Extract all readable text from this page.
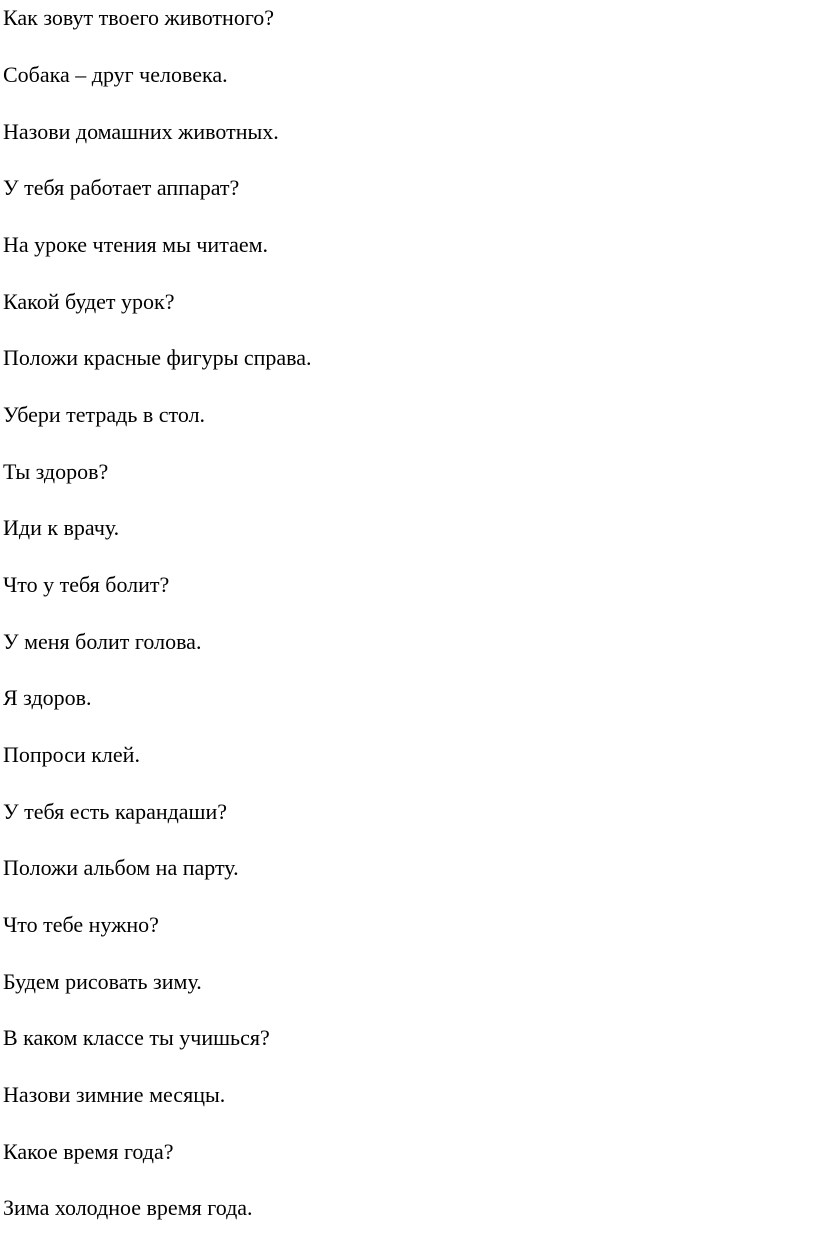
Как зовут твоего животного?

Собака – друг человека.

Назови домашних животных.

У тебя работает аппарат?

На уроке чтения мы читаем.

Какой будет урок?

Положи красные фигуры справа.

Убери тетрадь в стол.

Ты здоров?

Иди к врачу.

Что у тебя болит?

У меня болит голова.

Я здоров.

Попроси клей.

У тебя есть карандаши?

Положи альбом на парту.

Что тебе нужно?

Будем рисовать зиму.

В каком классе ты учишься?

Назови зимние месяцы.

Какое время года?

Зима холодное время года.
